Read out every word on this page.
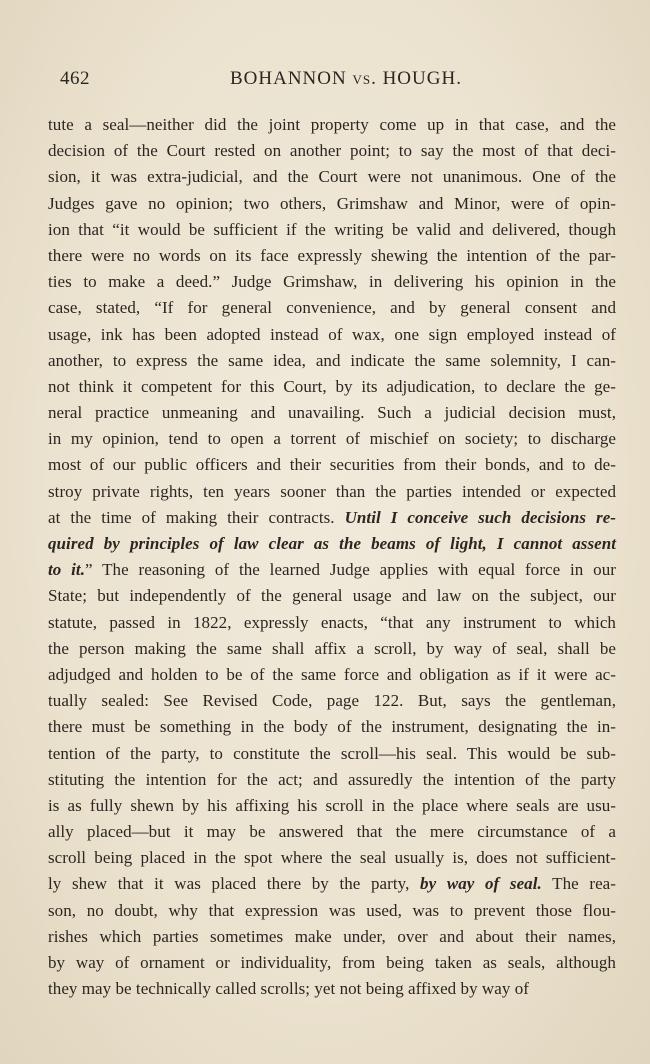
462	BOHANNON vs. HOUGH.
tute a seal—neither did the joint property come up in that case, and the
decision of the Court rested on another point; to say the most of that deci-
sion, it was extra-judicial, and the Court were not unanimous. One of the
Judges gave no opinion; two others, Grimshaw and Minor, were of opin-
ion that “it would be sufficient if the writing be valid and delivered, though
there were no words on its face expressly shewing the intention of the par-
ties to make a deed.” Judge Grimshaw, in delivering his opinion in the
case, stated, “If for general convenience, and by general consent and
usage, ink has been adopted instead of wax, one sign employed instead of
another, to express the same idea, and indicate the same solemnity, I can-
not think it competent for this Court, by its adjudication, to declare the ge-
neral practice unmeaning and unavailing. Such a judicial decision must,
in my opinion, tend to open a torrent of mischief on society; to discharge
most of our public officers and their securities from their bonds, and to de-
stroy private rights, ten years sooner than the parties intended or expected
at the time of making their contracts. Until I conceive such decisions re-
quired by principles of law clear as the beams of light, I cannot assent
to it.” The reasoning of the learned Judge applies with equal force in our
State; but independently of the general usage and law on the subject, our
statute, passed in 1822, expressly enacts, “that any instrument to which
the person making the same shall affix a scroll, by way of seal, shall be
adjudged and holden to be of the same force and obligation as if it were ac-
tually sealed: See Revised Code, page 122. But, says the gentleman,
there must be something in the body of the instrument, designating the in-
tention of the party, to constitute the scroll—his seal. This would be sub-
stituting the intention for the act; and assuredly the intention of the party
is as fully shewn by his affixing his scroll in the place where seals are usu-
ally placed—but it may be answered that the mere circumstance of a
scroll being placed in the spot where the seal usually is, does not sufficient-
ly shew that it was placed there by the party, by way of seal. The rea-
son, no doubt, why that expression was used, was to prevent those flou-
rishes which parties sometimes make under, over and about their names,
by way of ornament or individuality, from being taken as seals, although
they may be technically called scrolls; yet not being affixed by way of
